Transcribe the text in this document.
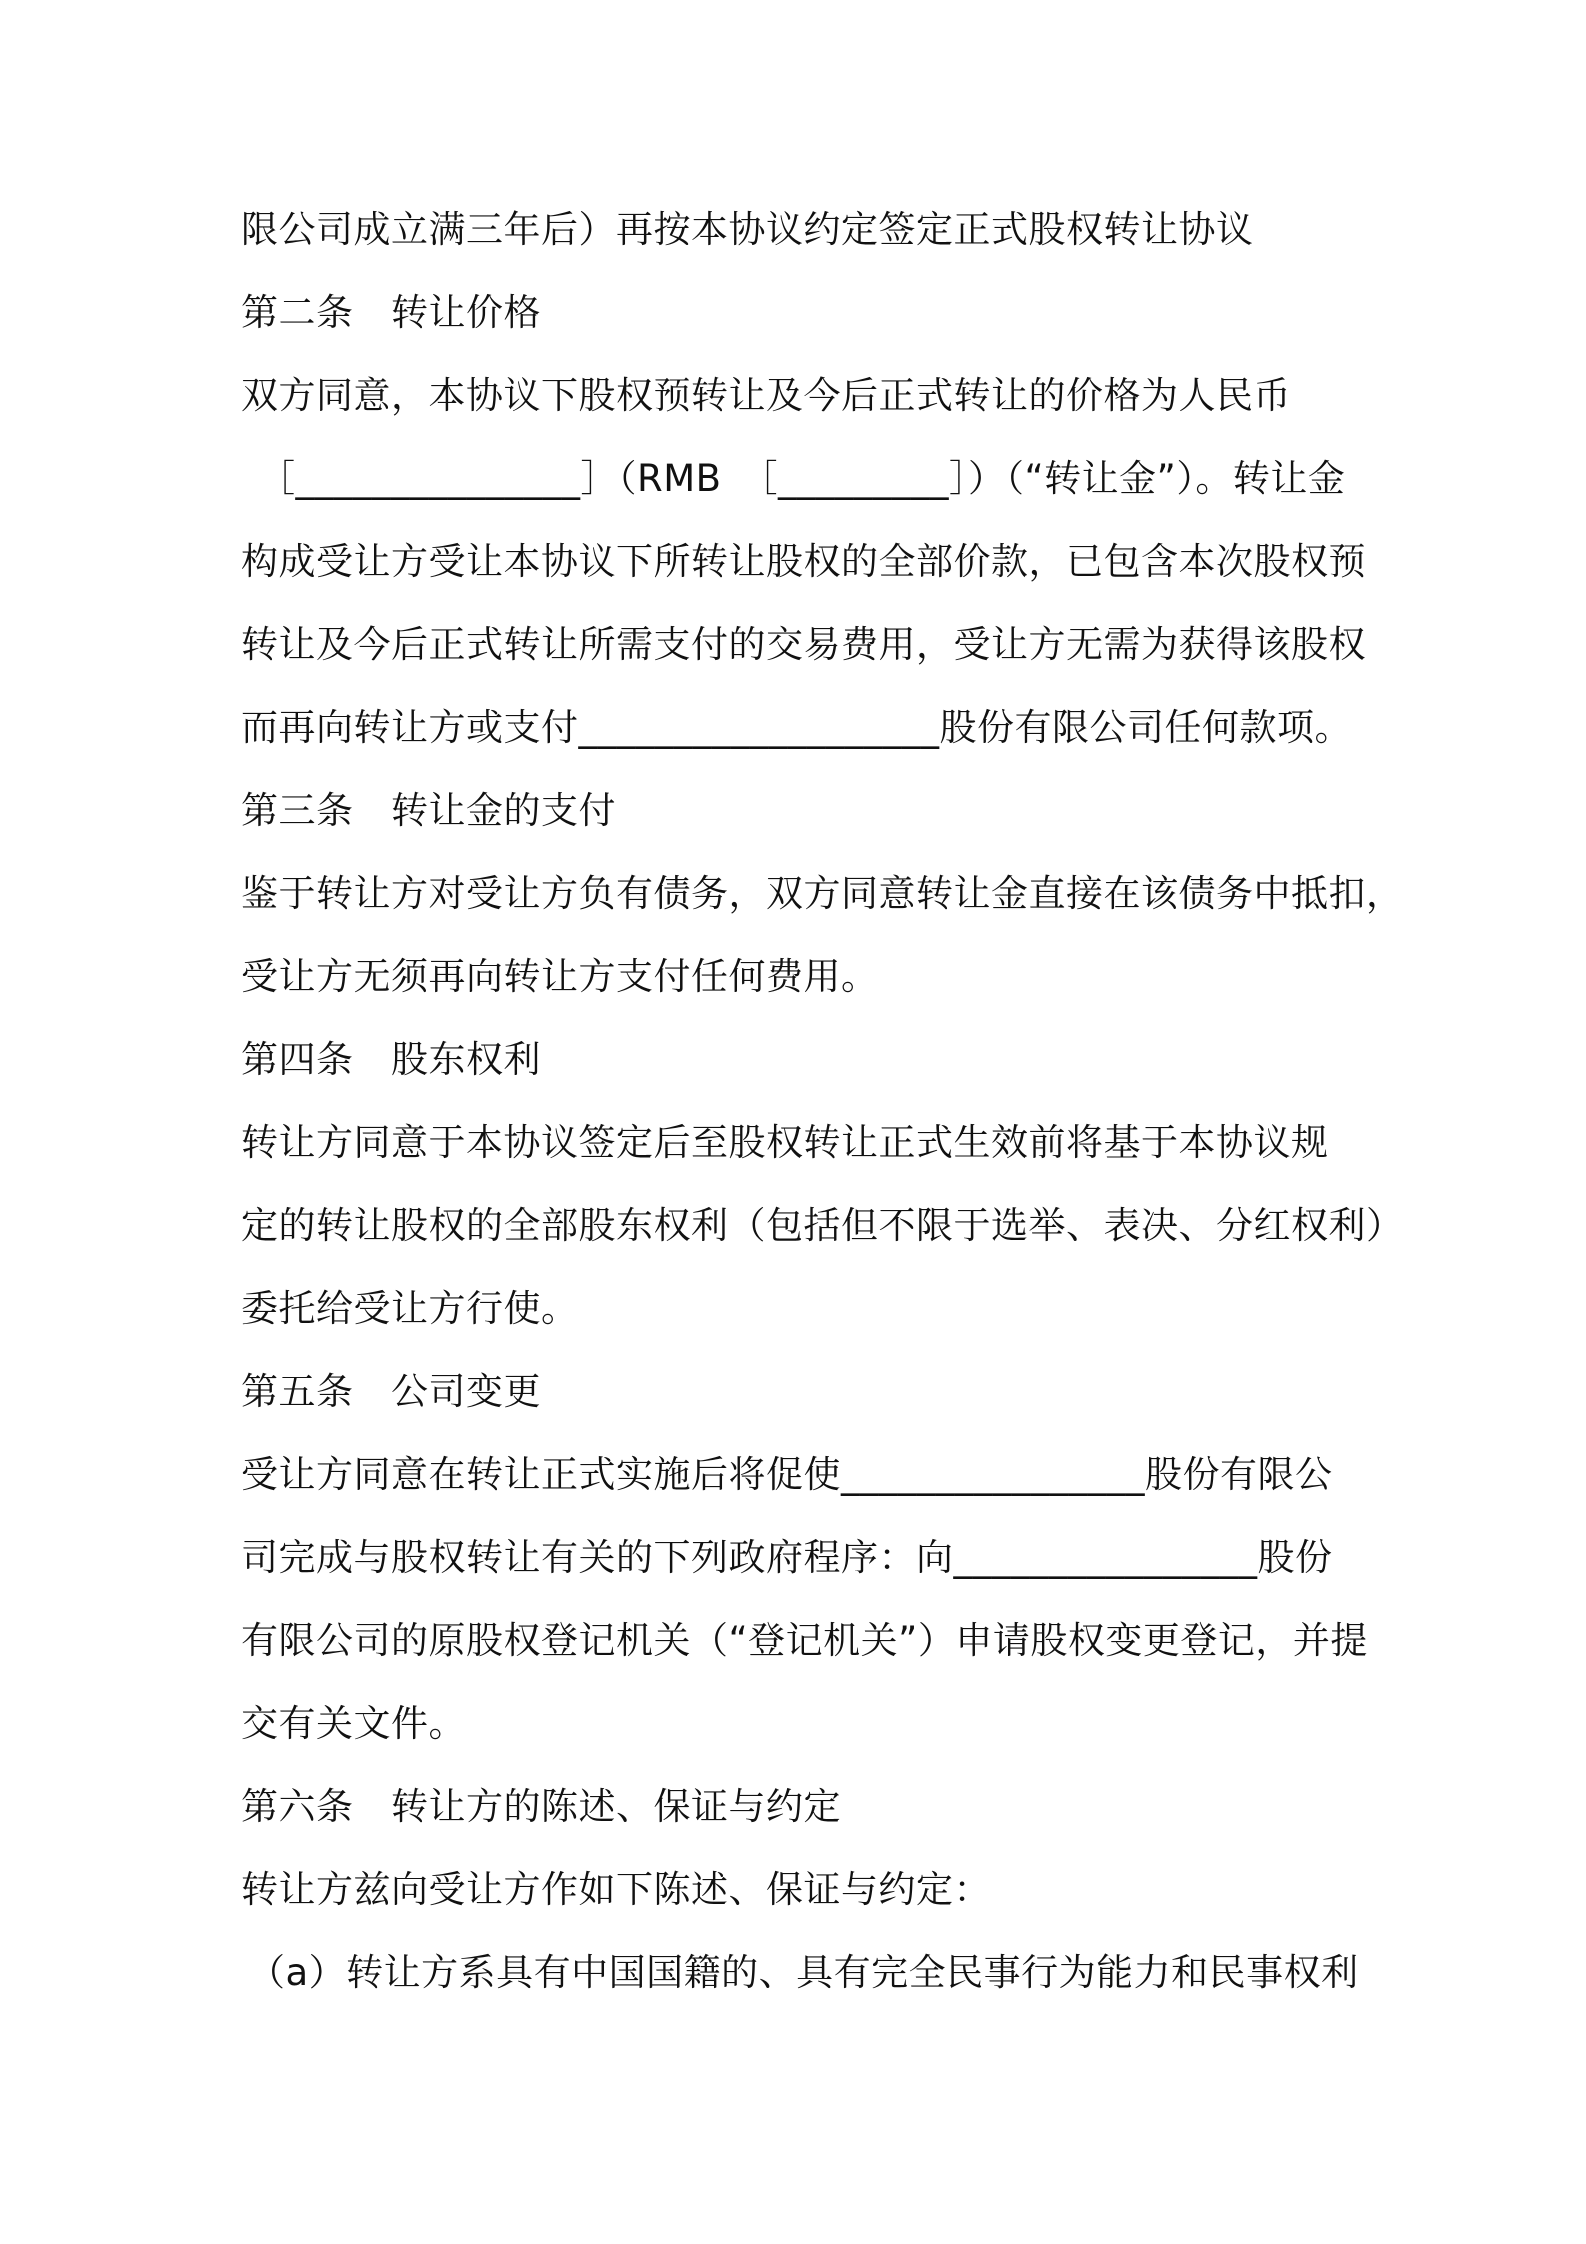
限公司成立满三年后）再按本协议约定签定正式股权转让协议
第二条　转让价格
双方同意，本协议下股权预转让及今后正式转让的价格为人民币
［_______________］（RMB　［_________］）（“转让金”）。转让金
构成受让方受让本协议下所转让股权的全部价款，已包含本次股权预
转让及今后正式转让所需支付的交易费用，受让方无需为获得该股权
而再向转让方或支付___________________股份有限公司任何款项。
第三条　转让金的支付
鉴于转让方对受让方负有债务，双方同意转让金直接在该债务中抵扣，
受让方无须再向转让方支付任何费用。
第四条　股东权利
转让方同意于本协议签定后至股权转让正式生效前将基于本协议规
定的转让股权的全部股东权利（包括但不限于选举、表决、分红权利）
委托给受让方行使。
第五条　公司变更
受让方同意在转让正式实施后将促使________________股份有限公
司完成与股权转让有关的下列政府程序：向________________股份
有限公司的原股权登记机关（“登记机关”）申请股权变更登记，并提
交有关文件。
第六条　转让方的陈述、保证与约定
转让方兹向受让方作如下陈述、保证与约定：
（a）转让方系具有中国国籍的、具有完全民事行为能力和民事权利
